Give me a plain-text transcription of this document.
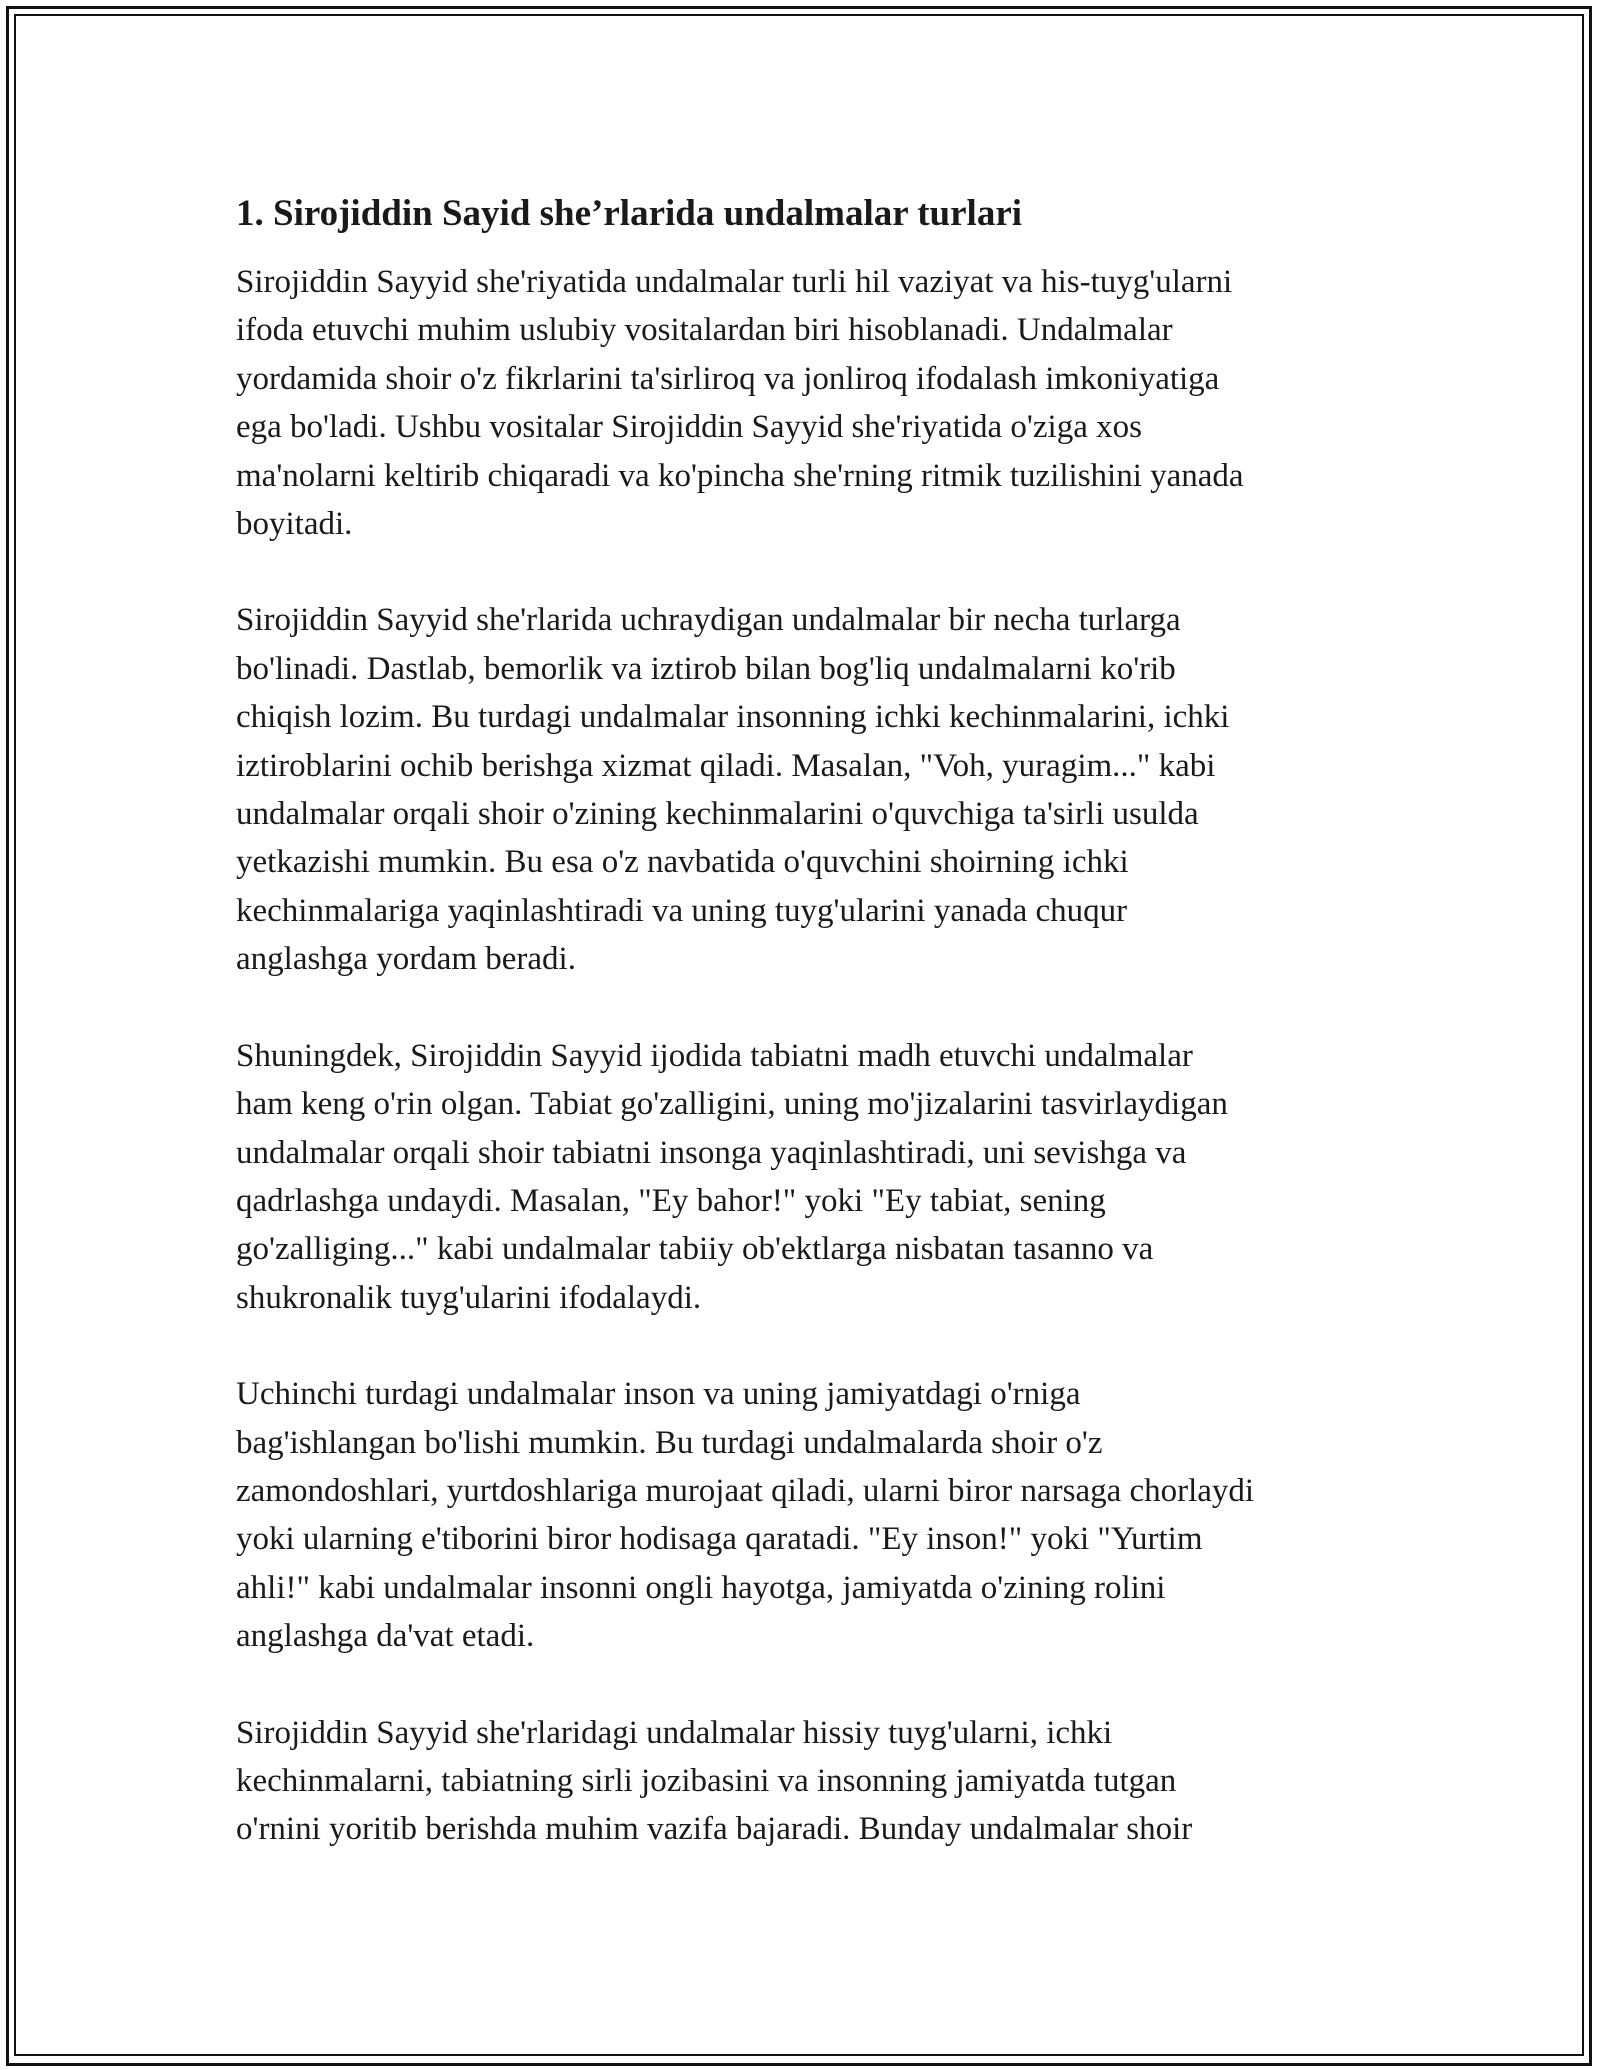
1. Sirojiddin Sayid she’rlarida undalmalar turlari

Sirojiddin Sayyid she'riyatida undalmalar turli hil vaziyat va his-tuyg'ularni
ifoda etuvchi muhim uslubiy vositalardan biri hisoblanadi. Undalmalar
yordamida shoir o'z fikrlarini ta'sirliroq va jonliroq ifodalash imkoniyatiga
ega bo'ladi. Ushbu vositalar Sirojiddin Sayyid she'riyatida o'ziga xos
ma'nolarni keltirib chiqaradi va ko'pincha she'rning ritmik tuzilishini yanada
boyitadi.

Sirojiddin Sayyid she'rlarida uchraydigan undalmalar bir necha turlarga
bo'linadi. Dastlab, bemorlik va iztirob bilan bog'liq undalmalarni ko'rib
chiqish lozim. Bu turdagi undalmalar insonning ichki kechinmalarini, ichki
iztiroblarini ochib berishga xizmat qiladi. Masalan, "Voh, yuragim..." kabi
undalmalar orqali shoir o'zining kechinmalarini o'quvchiga ta'sirli usulda
yetkazishi mumkin. Bu esa o'z navbatida o'quvchini shoirning ichki
kechinmalariga yaqinlashtiradi va uning tuyg'ularini yanada chuqur
anglashga yordam beradi.

Shuningdek, Sirojiddin Sayyid ijodida tabiatni madh etuvchi undalmalar
ham keng o'rin olgan. Tabiat go'zalligini, uning mo'jizalarini tasvirlaydigan
undalmalar orqali shoir tabiatni insonga yaqinlashtiradi, uni sevishga va
qadrlashga undaydi. Masalan, "Ey bahor!" yoki "Ey tabiat, sening
go'zalliging..." kabi undalmalar tabiiy ob'ektlarga nisbatan tasanno va
shukronalik tuyg'ularini ifodalaydi.

Uchinchi turdagi undalmalar inson va uning jamiyatdagi o'rniga
bag'ishlangan bo'lishi mumkin. Bu turdagi undalmalarda shoir o'z
zamondoshlari, yurtdoshlariga murojaat qiladi, ularni biror narsaga chorlaydi
yoki ularning e'tiborini biror hodisaga qaratadi. "Ey inson!" yoki "Yurtim
ahli!" kabi undalmalar insonni ongli hayotga, jamiyatda o'zining rolini
anglashga da'vat etadi.

Sirojiddin Sayyid she'rlaridagi undalmalar hissiy tuyg'ularni, ichki
kechinmalarni, tabiatning sirli jozibasini va insonning jamiyatda tutgan
o'rnini yoritib berishda muhim vazifa bajaradi. Bunday undalmalar shoir
